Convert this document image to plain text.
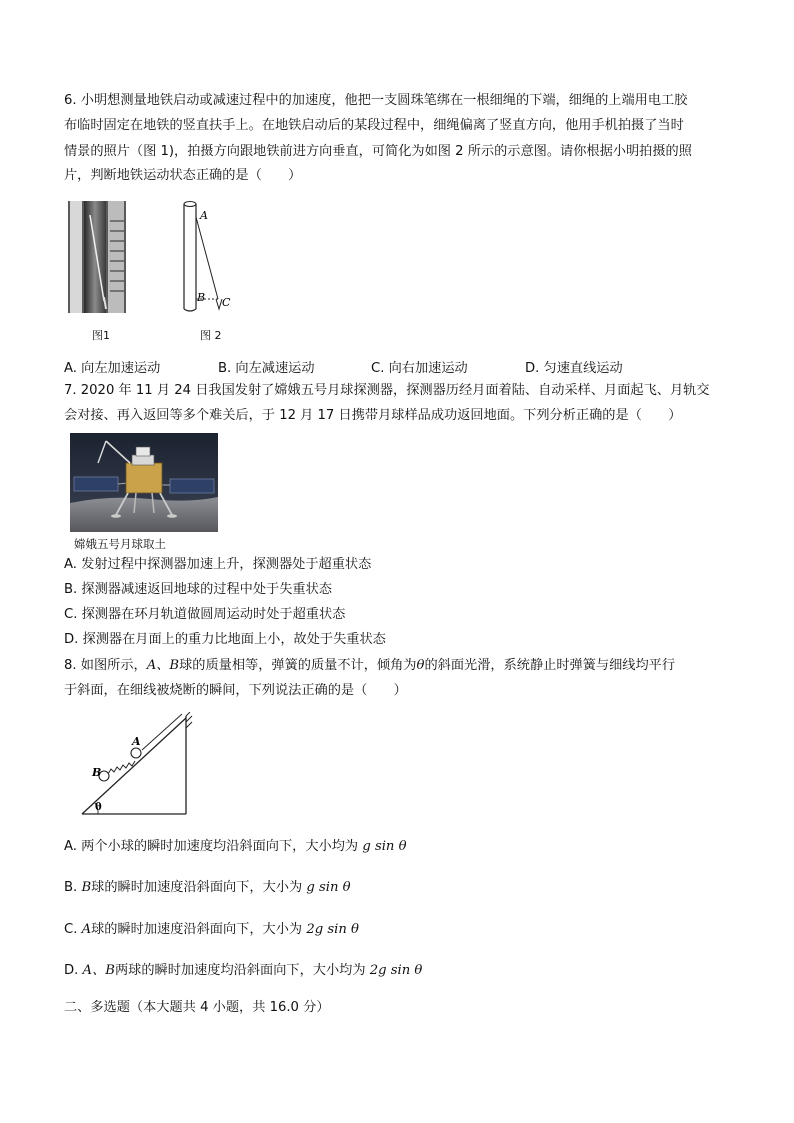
6. 小明想测量地铁启动或减速过程中的加速度，他把一支圆珠笔绑在一根细绳的下端，细绳的上端用电工胶
布临时固定在地铁的竖直扶手上。在地铁启动后的某段过程中，细绳偏离了竖直方向，他用手机拍摄了当时
情景的照片（图 1)，拍摄方向跟地铁前进方向垂直，可简化为如图 2 所示的示意图。请你根据小明拍摄的照
片，判断地铁运动状态正确的是（　　）
图1
A
B C
图 2
A. 向左加速运动	B. 向左减速运动	C. 向右加速运动	D. 匀速直线运动
7. 2020 年 11 月 24 日我国发射了嫦娥五号月球探测器，探测器历经月面着陆、自动采样、月面起飞、月轨交
会对接、再入返回等多个难关后，于 12 月 17 日携带月球样品成功返回地面。下列分析正确的是（　　）
嫦娥五号月球取土
A. 发射过程中探测器加速上升，探测器处于超重状态
B. 探测器减速返回地球的过程中处于失重状态
C. 探测器在环月轨道做圆周运动时处于超重状态
D. 探测器在月面上的重力比地面上小，故处于失重状态
8. 如图所示，A、B球的质量相等，弹簧的质量不计，倾角为θ的斜面光滑，系统静止时弹簧与细线均平行
于斜面，在细线被烧断的瞬间，下列说法正确的是（　　）
A
B
θ
A. 两个小球的瞬时加速度均沿斜面向下，大小均为 g sin θ
B. B球的瞬时加速度沿斜面向下，大小为 g sin θ
C. A球的瞬时加速度沿斜面向下，大小为 2g sin θ
D. A、B两球的瞬时加速度均沿斜面向下，大小均为 2g sin θ
二、多选题（本大题共 4 小题，共 16.0 分）
